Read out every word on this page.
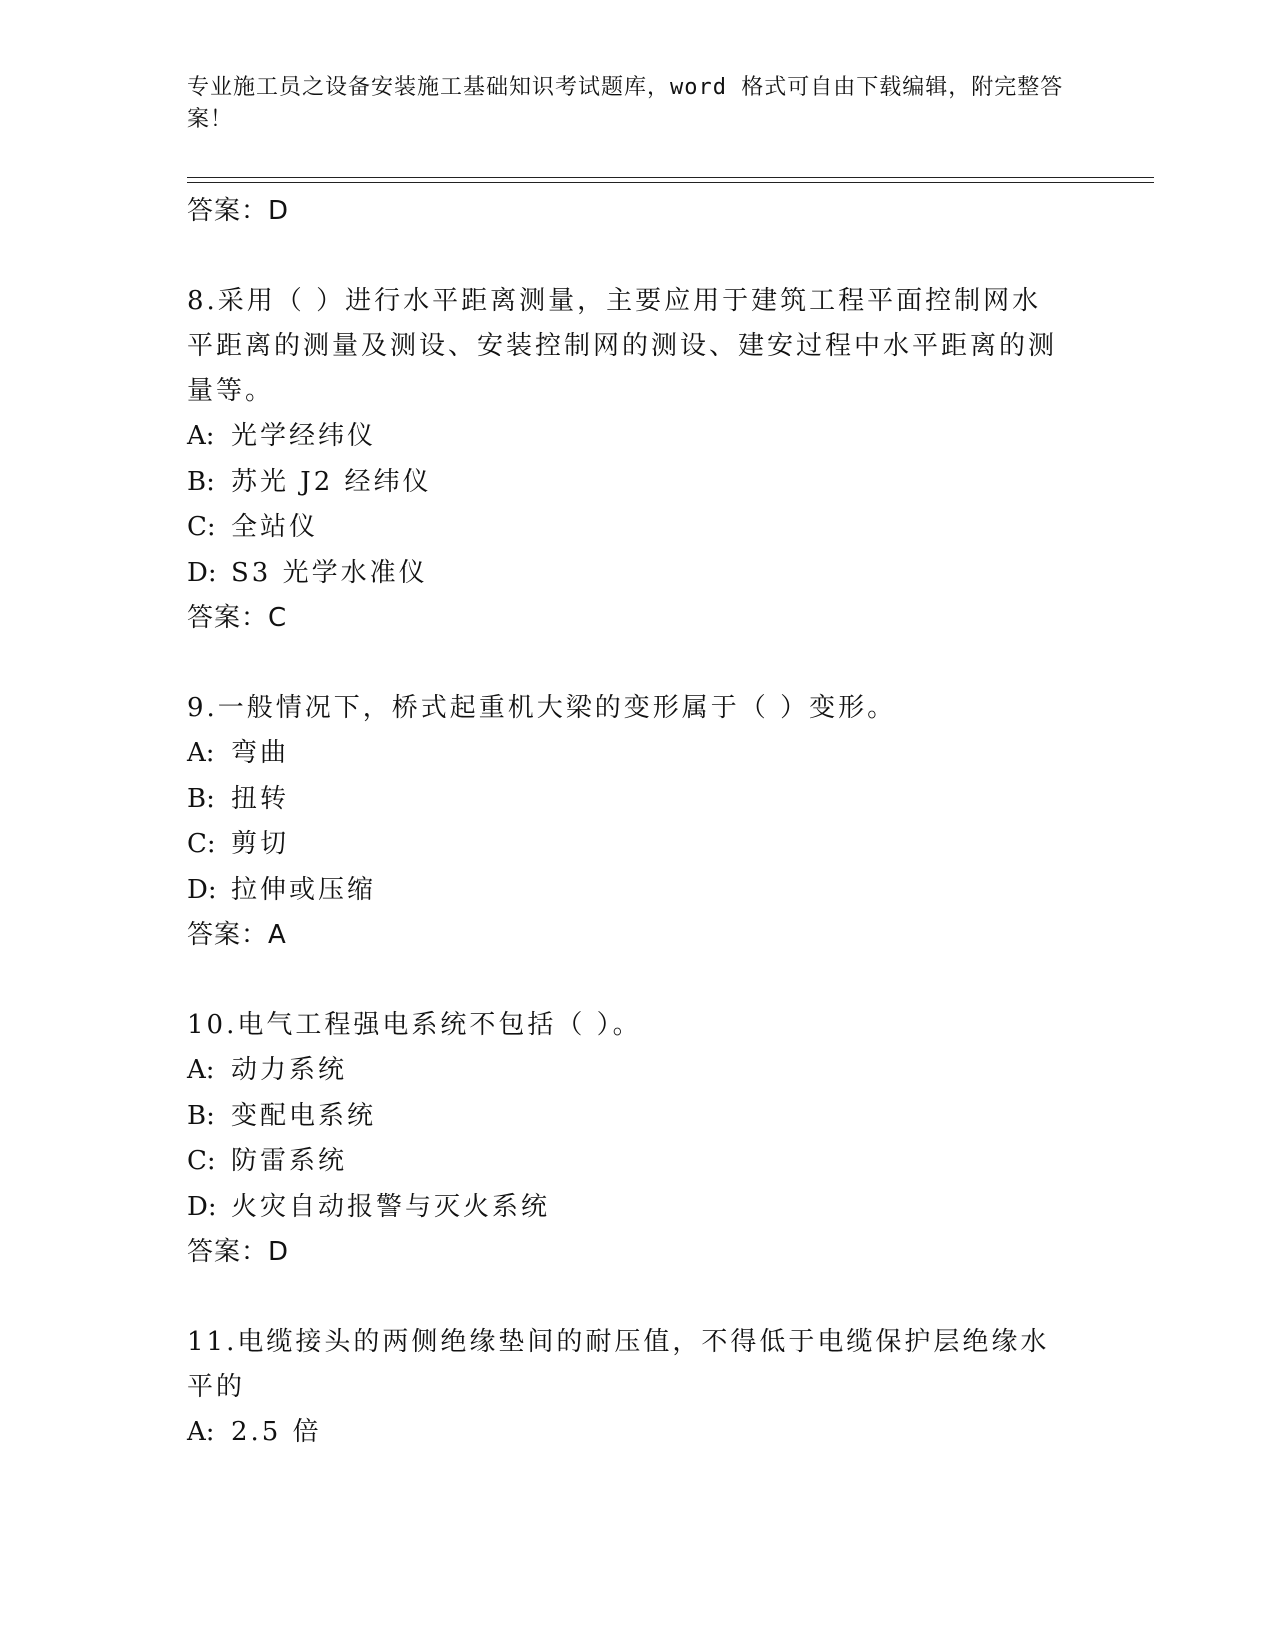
专业施工员之设备安装施工基础知识考试题库，word 格式可自由下载编辑，附完整答案！
答案：D
8.采用（ ）进行水平距离测量，主要应用于建筑工程平面控制网水平距离的测量及测设、安装控制网的测设、建安过程中水平距离的测量等。
A: 光学经纬仪
B: 苏光 J2 经纬仪
C: 全站仪
D: S3 光学水准仪
答案：C
9.一般情况下，桥式起重机大梁的变形属于（ ）变形。
A: 弯曲
B: 扭转
C: 剪切
D: 拉伸或压缩
答案：A
10.电气工程强电系统不包括（ ）。
A: 动力系统
B: 变配电系统
C: 防雷系统
D: 火灾自动报警与灭火系统
答案：D
11.电缆接头的两侧绝缘垫间的耐压值，不得低于电缆保护层绝缘水平的
A: 2.5 倍
